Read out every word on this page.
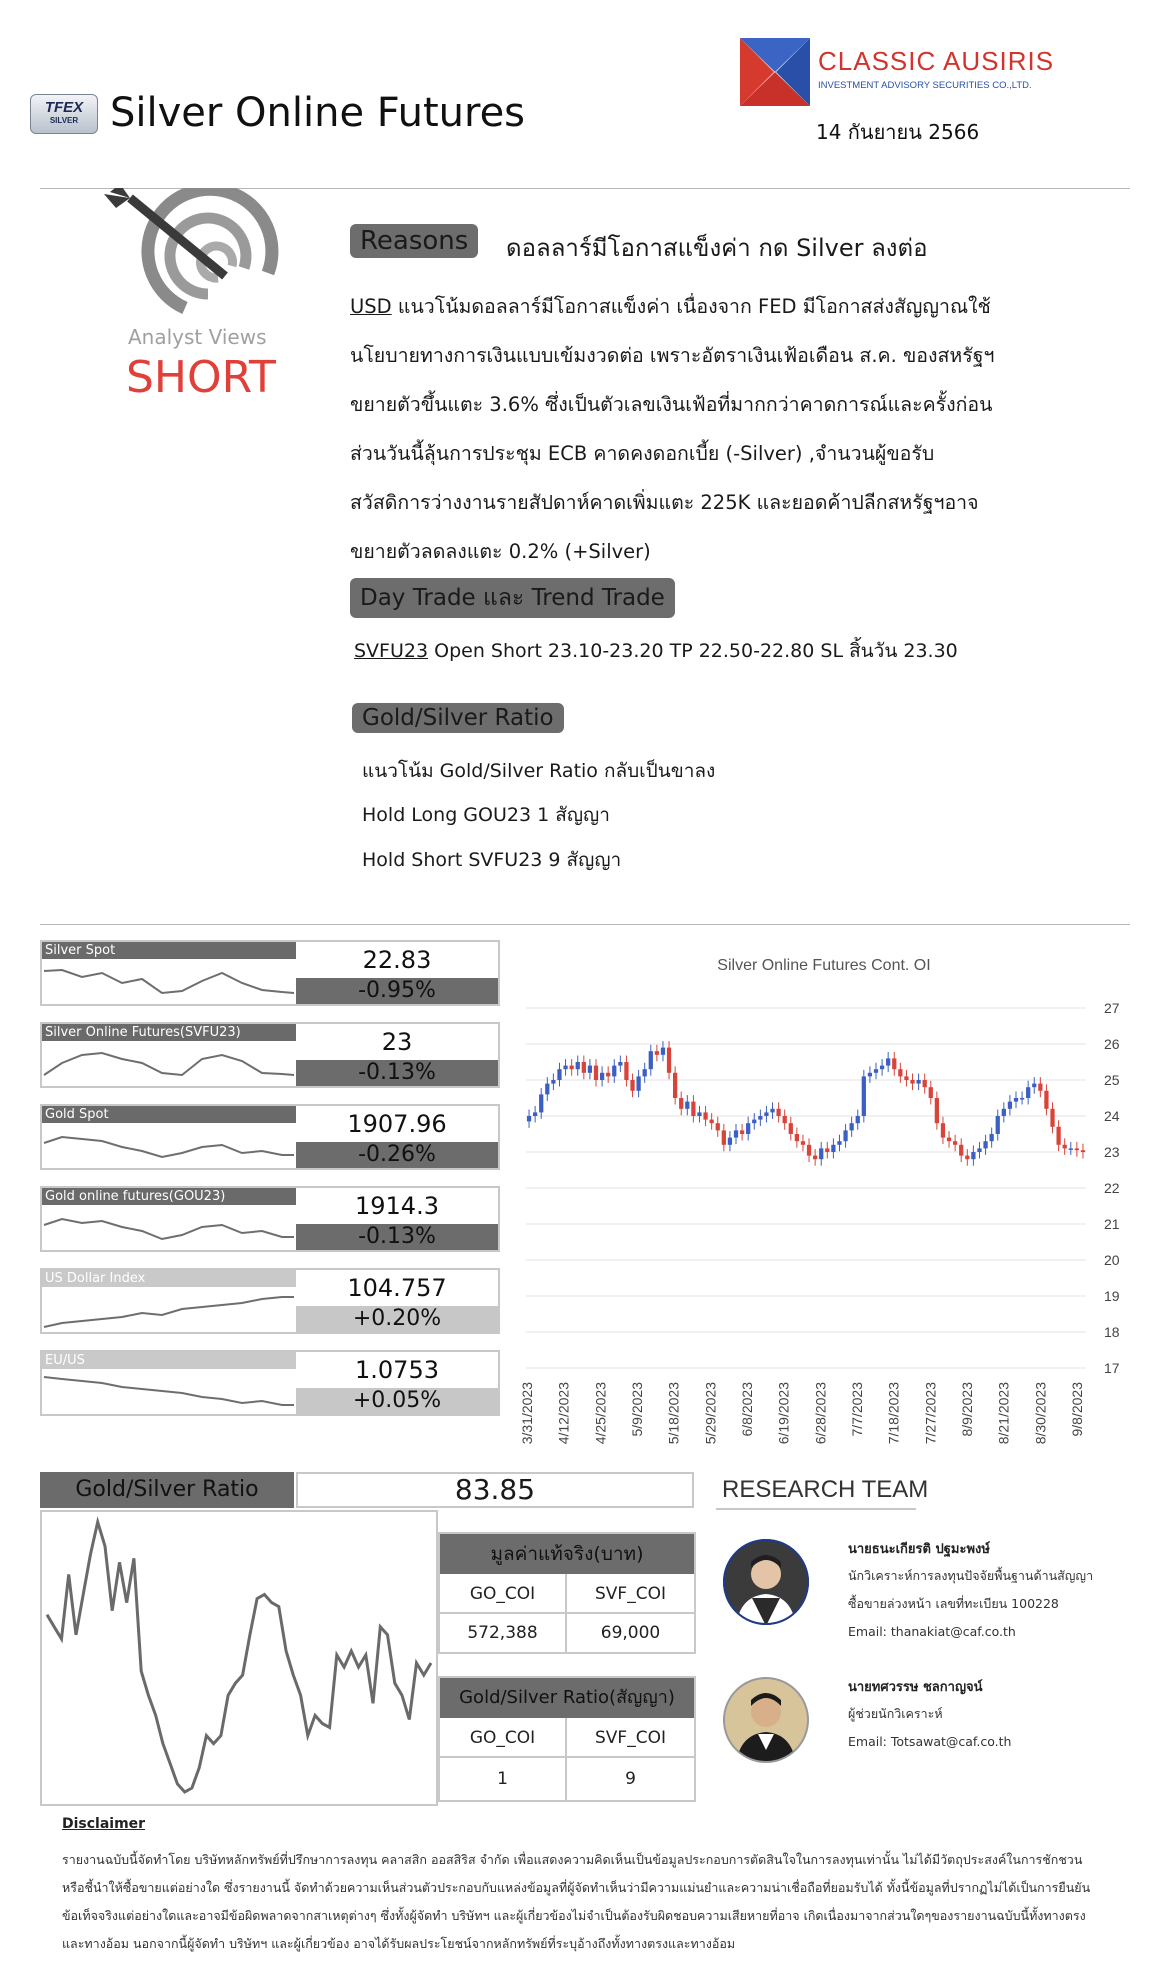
TFEX
SILVER Silver Online Futures
CLASSIC AUSIRIS
INVESTMENT ADVISORY SECURITIES CO.,LTD.
14 กันยายน 2566
Analyst Views
SHORT
Reasons	ดอลลาร์มีโอกาสแข็งค่า กด Silver ลงต่อ
USD แนวโน้มดอลลาร์มีโอกาสแข็งค่า เนื่องจาก FED มีโอกาสส่งสัญญาณใช้
นโยบายทางการเงินแบบเข้มงวดต่อ เพราะอัตราเงินเฟ้อเดือน ส.ค. ของสหรัฐฯ
ขยายตัวขึ้นแตะ 3.6% ซึ่งเป็นตัวเลขเงินเฟ้อที่มากกว่าคาดการณ์และครั้งก่อน
ส่วนวันนี้ลุ้นการประชุม ECB คาดคงดอกเบี้ย (-Silver) ,จำนวนผู้ขอรับ
สวัสดิการว่างงานรายสัปดาห์คาดเพิ่มแตะ 225K และยอดค้าปลีกสหรัฐฯอาจ
ขยายตัวลดลงแตะ 0.2% (+Silver)
Day Trade และ Trend Trade
SVFU23 Open Short 23.10-23.20 TP 22.50-22.80 SL สิ้นวัน 23.30
Gold/Silver Ratio
แนวโน้ม Gold/Silver Ratio กลับเป็นขาลง
Hold Long GOU23 1 สัญญา
Hold Short SVFU23 9 สัญญา
Silver Spot	22.83
-0.95%
Silver Online Futures(SVFU23)	23
-0.13%
Gold Spot	1907.96
-0.26%
Gold online futures(GOU23)	1914.3
-0.13%
US Dollar Index	104.757
+0.20%
EU/US	1.0753
+0.05%
Silver Online Futures Cont. OI
27
26
25
24
23
22
21
20
19
18
17
3/31/2023 4/12/2023 4/25/2023 5/9/2023 5/18/2023 5/29/2023 6/8/2023 6/19/2023 6/28/2023 7/7/2023 7/18/2023 7/27/2023 8/9/2023 8/21/2023 8/30/2023 9/8/2023
Gold/Silver Ratio	83.85
มูลค่าแท้จริง(บาท)
GO_COI	SVF_COI
572,388	69,000
Gold/Silver Ratio(สัญญา)
GO_COI	SVF_COI
1	9
RESEARCH TEAM
นายธนะเกียรติ ปฐมะพงษ์
นักวิเคราะห์การลงทุนปัจจัยพื้นฐานด้านสัญญา
ซื้อขายล่วงหน้า เลขที่ทะเบียน 100228
Email: thanakiat@caf.co.th
นายทศวรรษ ชลกาญจน์
ผู้ช่วยนักวิเคราะห์
Email: Totsawat@caf.co.th
Disclaimer
รายงานฉบับนี้จัดทำโดย บริษัทหลักทรัพย์ที่ปรึกษาการลงทุน คลาสสิก ออสสิริส จำกัด เพื่อแสดงความคิดเห็นเป็นข้อมูลประกอบการตัดสินใจในการลงทุนเท่านั้น ไม่ได้มีวัตถุประสงค์ในการชักชวน
หรือชี้นำให้ซื้อขายแต่อย่างใด ซึ่งรายงานนี้ จัดทำด้วยความเห็นส่วนตัวประกอบกับแหล่งข้อมูลที่ผู้จัดทำเห็นว่ามีความแม่นยำและความน่าเชื่อถือที่ยอมรับได้ ทั้งนี้ข้อมูลที่ปรากฏไม่ได้เป็นการยืนยัน
ข้อเท็จจริงแต่อย่างใดและอาจมีข้อผิดพลาดจากสาเหตุต่างๆ ซึ่งทั้งผู้จัดทำ บริษัทฯ และผู้เกี่ยวข้องไม่จำเป็นต้องรับผิดชอบความเสียหายที่อาจ เกิดเนื่องมาจากส่วนใดๆของรายงานฉบับนี้ทั้งทางตรง
และทางอ้อม นอกจากนี้ผู้จัดทำ บริษัทฯ และผู้เกี่ยวข้อง อาจได้รับผลประโยชน์จากหลักทรัพย์ที่ระบุอ้างถึงทั้งทางตรงและทางอ้อม
